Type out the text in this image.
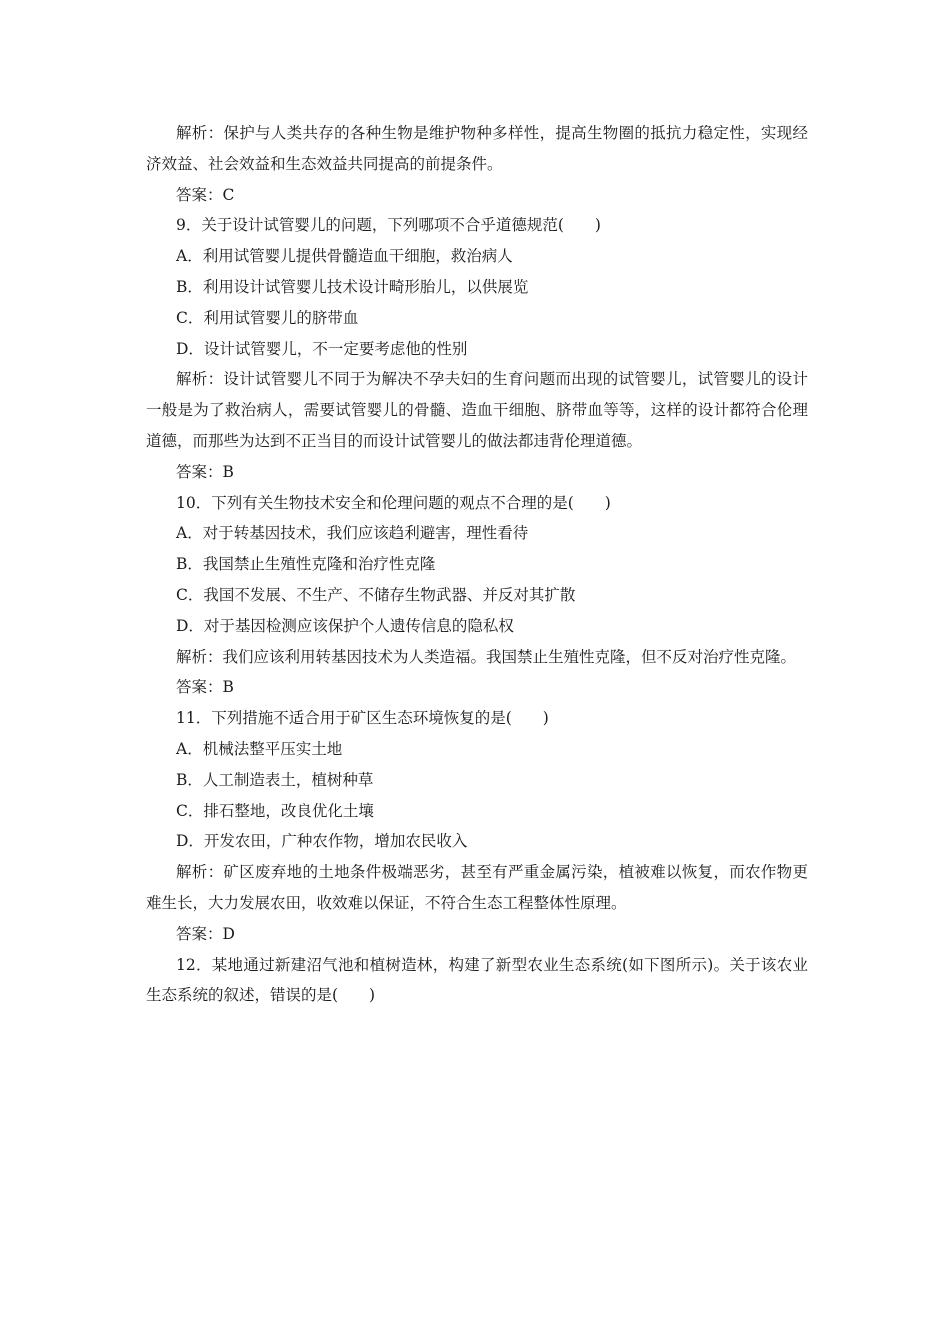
解析：保护与人类共存的各种生物是维护物种多样性，提高生物圈的抵抗力稳定性，实现经济效益、社会效益和生态效益共同提高的前提条件。

答案：C

9．关于设计试管婴儿的问题，下列哪项不合乎道德规范(　　)

A．利用试管婴儿提供骨髓造血干细胞，救治病人

B．利用设计试管婴儿技术设计畸形胎儿，以供展览

C．利用试管婴儿的脐带血

D．设计试管婴儿，不一定要考虑他的性别

解析：设计试管婴儿不同于为解决不孕夫妇的生育问题而出现的试管婴儿，试管婴儿的设计一般是为了救治病人，需要试管婴儿的骨髓、造血干细胞、脐带血等等，这样的设计都符合伦理道德，而那些为达到不正当目的而设计试管婴儿的做法都违背伦理道德。

答案：B

10．下列有关生物技术安全和伦理问题的观点不合理的是(　　)

A．对于转基因技术，我们应该趋利避害，理性看待

B．我国禁止生殖性克隆和治疗性克隆

C．我国不发展、不生产、不储存生物武器、并反对其扩散

D．对于基因检测应该保护个人遗传信息的隐私权

解析：我们应该利用转基因技术为人类造福。我国禁止生殖性克隆，但不反对治疗性克隆。

答案：B

11．下列措施不适合用于矿区生态环境恢复的是(　　)

A．机械法整平压实土地

B．人工制造表土，植树种草

C．排石整地，改良优化土壤

D．开发农田，广种农作物，增加农民收入

解析：矿区废弃地的土地条件极端恶劣，甚至有严重金属污染，植被难以恢复，而农作物更难生长，大力发展农田，收效难以保证，不符合生态工程整体性原理。

答案：D

12．某地通过新建沼气池和植树造林，构建了新型农业生态系统(如下图所示)。关于该农业生态系统的叙述，错误的是(　　)
